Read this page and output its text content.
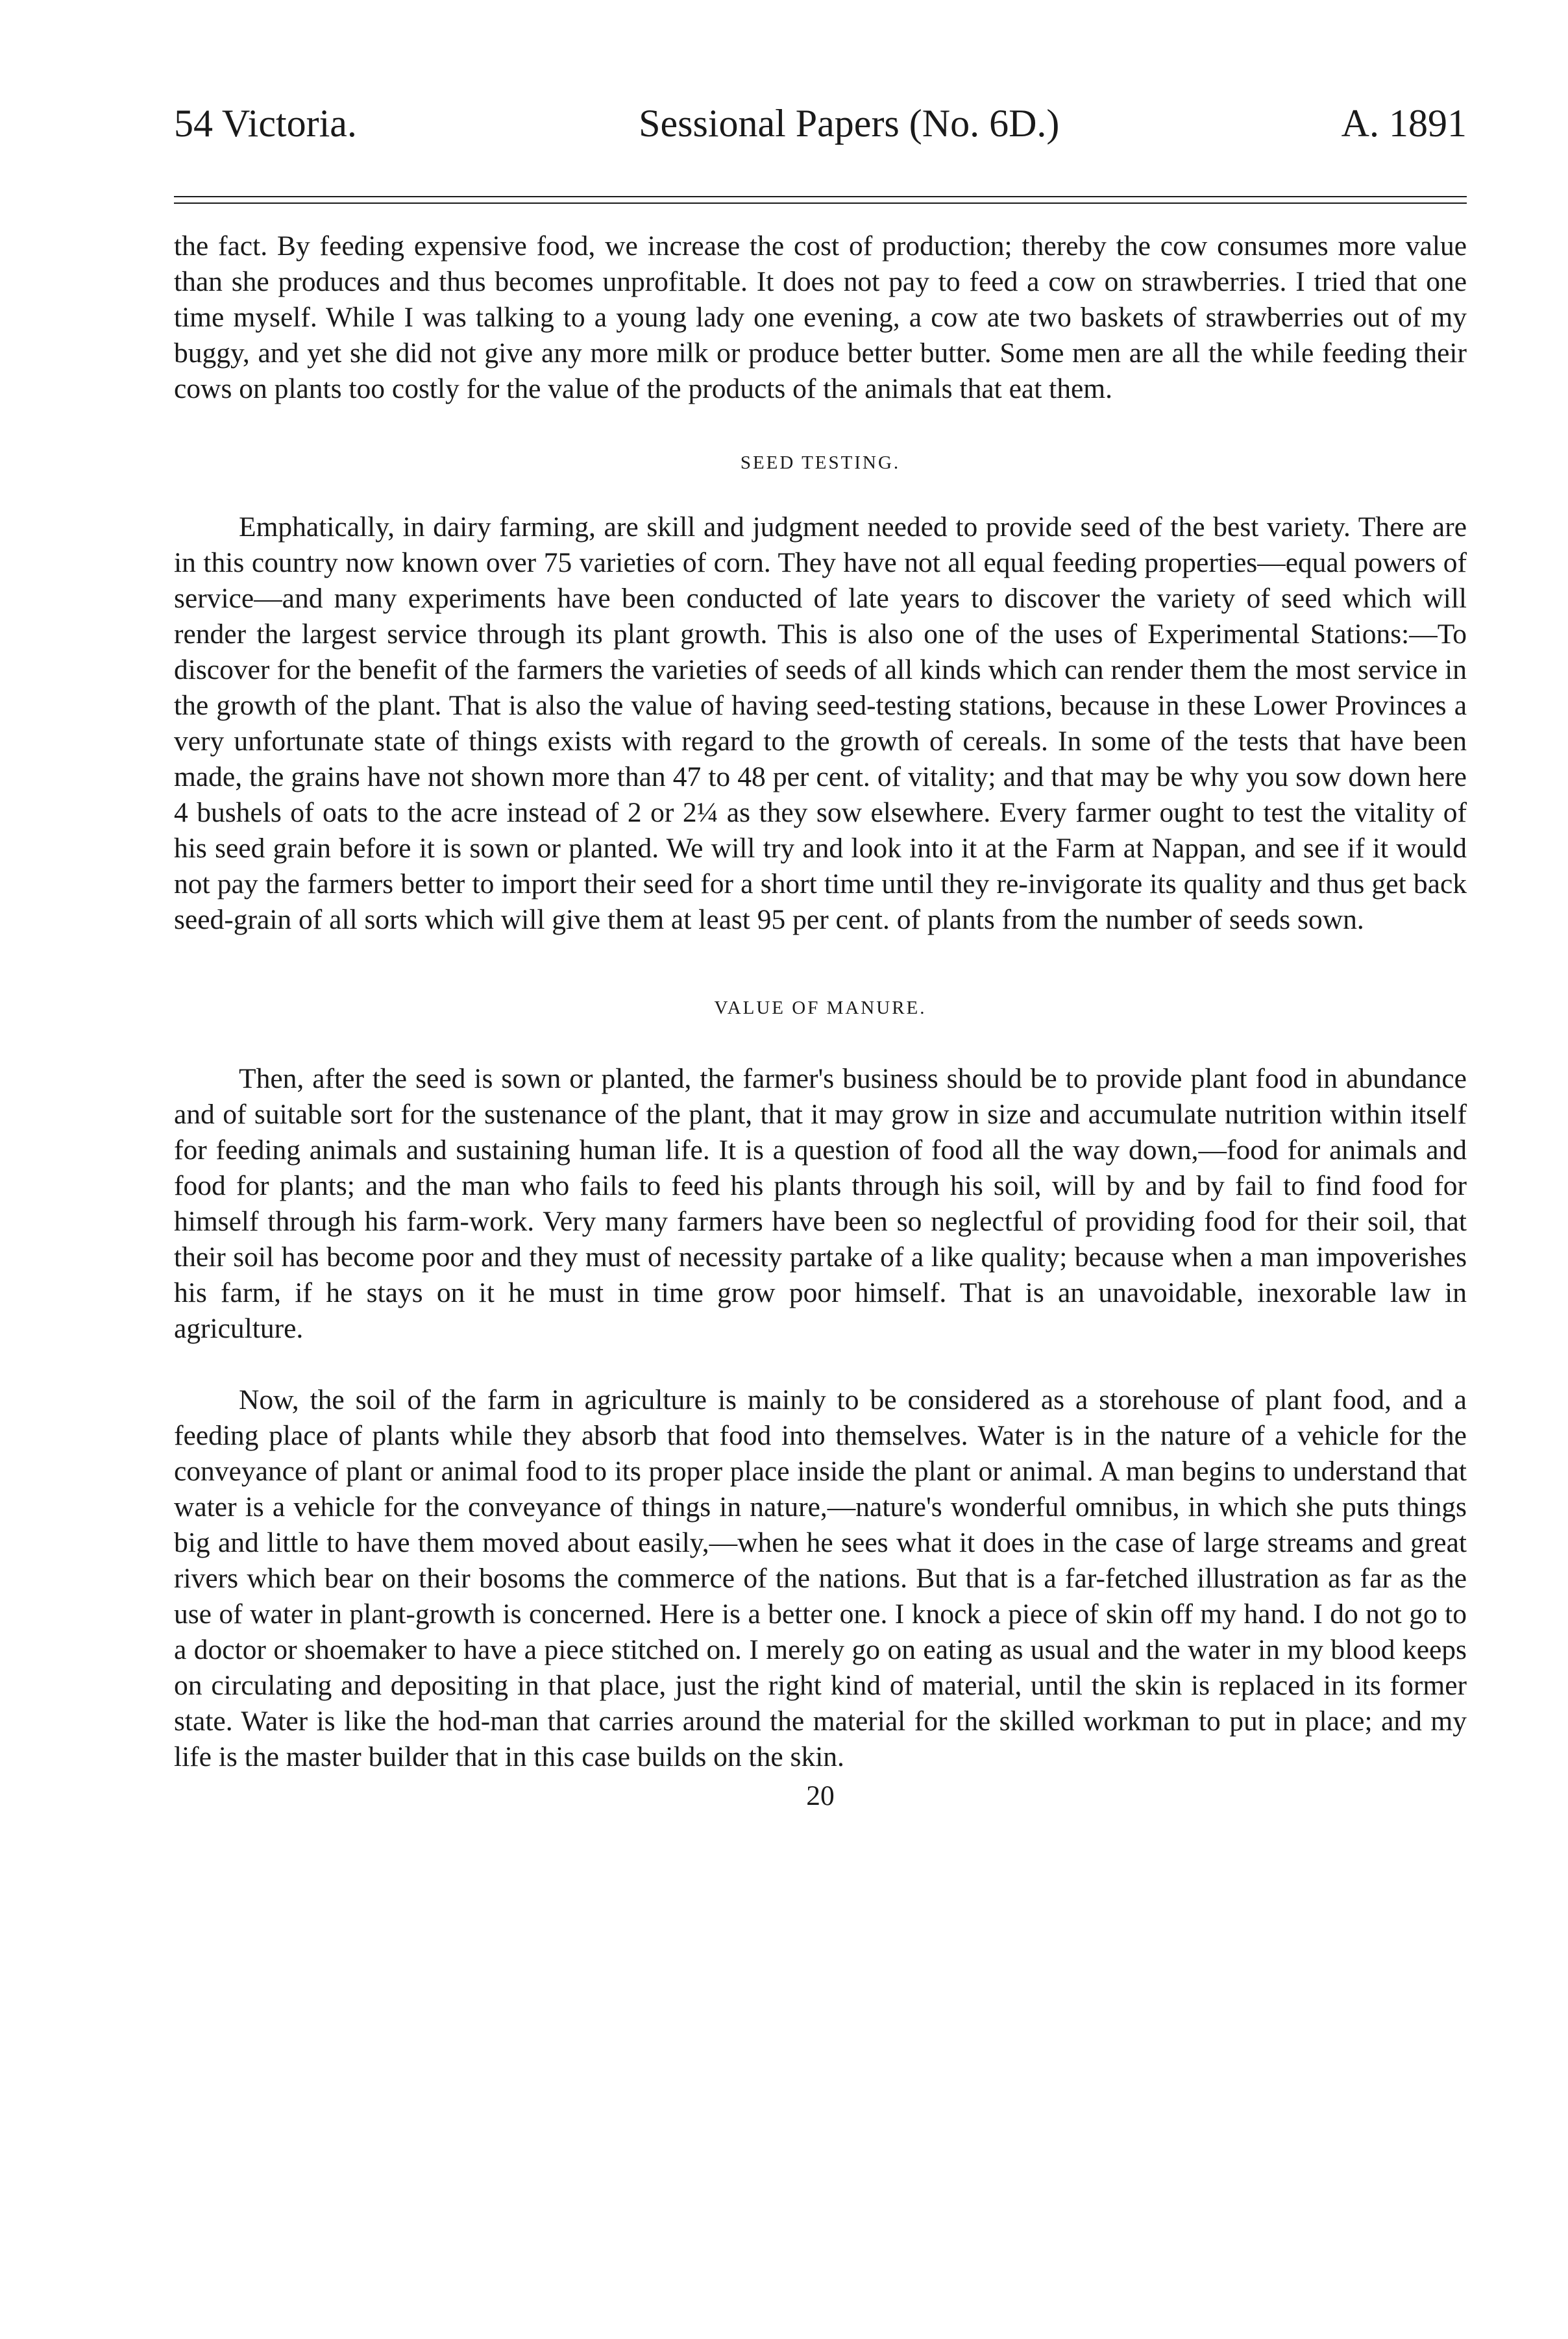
54 Victoria.	Sessional Papers (No. 6D.)	A. 1891

the fact. By feeding expensive food, we increase the cost of production; thereby the cow consumes more value than she produces and thus becomes unprofitable. It does not pay to feed a cow on strawberries. I tried that one time myself. While I was talking to a young lady one evening, a cow ate two baskets of strawberries out of my buggy, and yet she did not give any more milk or produce better butter. Some men are all the while feeding their cows on plants too costly for the value of the products of the animals that eat them.

SEED TESTING.

Emphatically, in dairy farming, are skill and judgment needed to provide seed of the best variety. There are in this country now known over 75 varieties of corn. They have not all equal feeding properties—equal powers of service—and many experiments have been conducted of late years to discover the variety of seed which will render the largest service through its plant growth. This is also one of the uses of Experimental Stations:—To discover for the benefit of the farmers the varieties of seeds of all kinds which can render them the most service in the growth of the plant. That is also the value of having seed-testing stations, because in these Lower Provinces a very unfortunate state of things exists with regard to the growth of cereals. In some of the tests that have been made, the grains have not shown more than 47 to 48 per cent. of vitality; and that may be why you sow down here 4 bushels of oats to the acre instead of 2 or 2¼ as they sow elsewhere. Every farmer ought to test the vitality of his seed grain before it is sown or planted. We will try and look into it at the Farm at Nappan, and see if it would not pay the farmers better to import their seed for a short time until they re-invigorate its quality and thus get back seed-grain of all sorts which will give them at least 95 per cent. of plants from the number of seeds sown.

VALUE OF MANURE.

Then, after the seed is sown or planted, the farmer's business should be to provide plant food in abundance and of suitable sort for the sustenance of the plant, that it may grow in size and accumulate nutrition within itself for feeding animals and sustaining human life. It is a question of food all the way down,—food for animals and food for plants; and the man who fails to feed his plants through his soil, will by and by fail to find food for himself through his farm-work. Very many farmers have been so neglectful of providing food for their soil, that their soil has become poor and they must of necessity partake of a like quality; because when a man impoverishes his farm, if he stays on it he must in time grow poor himself. That is an unavoidable, inexorable law in agriculture.

Now, the soil of the farm in agriculture is mainly to be considered as a storehouse of plant food, and a feeding place of plants while they absorb that food into themselves. Water is in the nature of a vehicle for the conveyance of plant or animal food to its proper place inside the plant or animal. A man begins to understand that water is a vehicle for the conveyance of things in nature,—nature's wonderful omnibus, in which she puts things big and little to have them moved about easily,—when he sees what it does in the case of large streams and great rivers which bear on their bosoms the commerce of the nations. But that is a far-fetched illustration as far as the use of water in plant-growth is concerned. Here is a better one. I knock a piece of skin off my hand. I do not go to a doctor or shoemaker to have a piece stitched on. I merely go on eating as usual and the water in my blood keeps on circulating and depositing in that place, just the right kind of material, until the skin is replaced in its former state. Water is like the hod-man that carries around the material for the skilled workman to put in place; and my life is the master builder that in this case builds on the skin.

20
